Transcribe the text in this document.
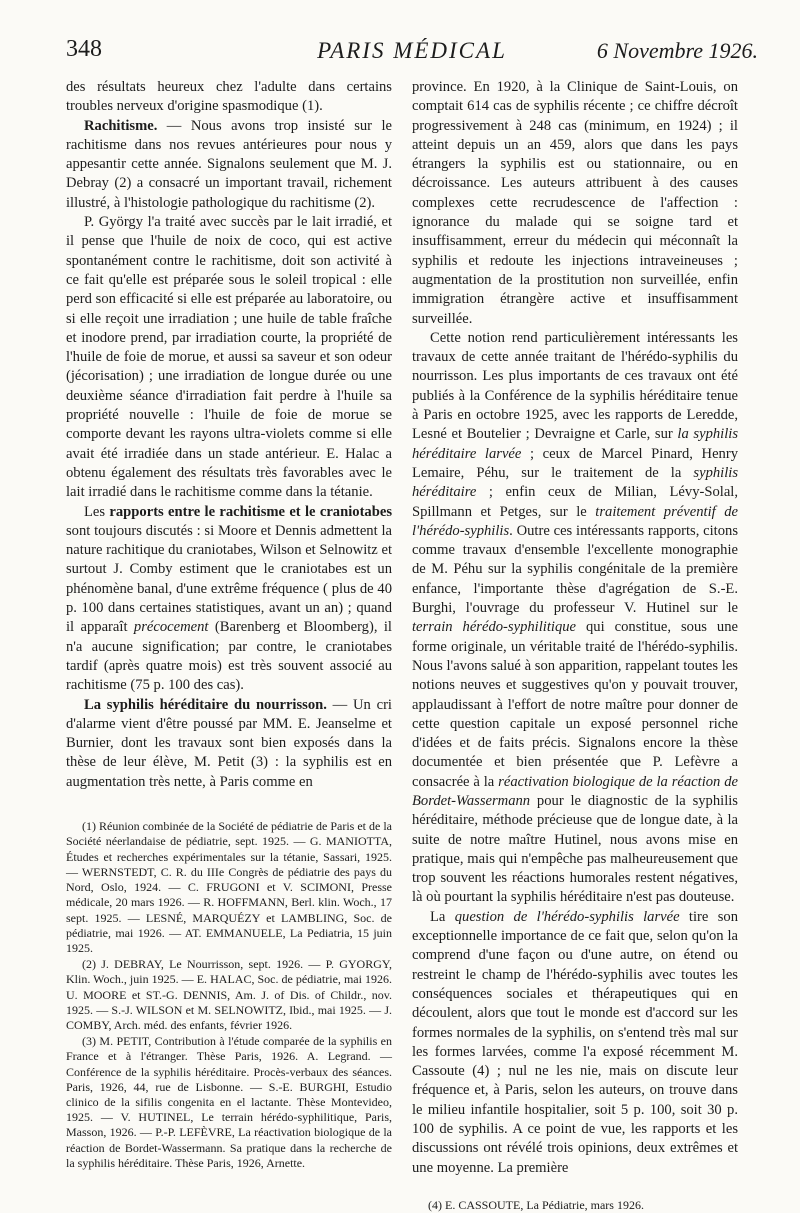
348	PARIS MÉDICAL	6 Novembre 1926.

des résultats heureux chez l'adulte dans certains troubles nerveux d'origine spasmodique (1).

Rachitisme. — Nous avons trop insisté sur le rachitisme dans nos revues antérieures pour nous y appesantir cette année. Signalons seulement que M. J. Debray (2) a consacré un important travail, richement illustré, à l'histologie pathologique du rachitisme (2).

P. Györgу l'a traité avec succès par le lait irradié, et il pense que l'huile de noix de coco, qui est active spontanément contre le rachitisme, doit son activité à ce fait qu'elle est préparée sous le soleil tropical : elle perd son efficacité si elle est préparée au laboratoire, ou si elle reçoit une irradiation ; une huile de table fraîche et inodore prend, par irradiation courte, la propriété de l'huile de foie de morue, et aussi sa saveur et son odeur (jécorisation) ; une irradiation de longue durée ou une deuxième séance d'irradiation fait perdre à l'huile sa propriété nouvelle : l'huile de foie de morue se comporte devant les rayons ultra-violets comme si elle avait été irradiée dans un stade antérieur. E. Halac a obtenu également des résultats très favorables avec le lait irradié dans le rachitisme comme dans la tétanie.

Les rapports entre le rachitisme et le craniotabes sont toujours discutés : si Moore et Dennis admettent la nature rachitique du craniotabes, Wilson et Selnowitz et surtout J. Comby estiment que le craniotabes est un phénomène banal, d'une extrême fréquence ( plus de 40 p. 100 dans certaines statistiques, avant un an) ; quand il apparaît précocement (Barenberg et Bloomberg), il n'a aucune signification; par contre, le craniotabes tardif (après quatre mois) est très souvent associé au rachitisme (75 p. 100 des cas).

La syphilis héréditaire du nourrisson. — Un cri d'alarme vient d'être poussé par MM. E. Jeanselme et Burnier, dont les travaux sont bien exposés dans la thèse de leur élève, M. Petit (3) : la syphilis est en augmentation très nette, à Paris comme en

(1) Réunion combinée de la Société de pédiatrie de Paris et de la Société néerlandaise de pédiatrie, sept. 1925. — G. MANIOTTA, Études et recherches expérimentales sur la tétanie, Sassari, 1925. — WERNSTEDT, C. R. du IIIe Congrès de pédiatrie des pays du Nord, Oslo, 1924. — C. FRUGONI et V. SCIMONI, Presse médicale, 20 mars 1926. — R. HOFFMANN, Berl. klin. Woch., 17 sept. 1925. — LESNÉ, MARQUÉZY et LAMBLING, Soc. de pédiatrie, mai 1926. — AT. EMMANUELE, La Pediatria, 15 juin 1925.

(2) J. DEBRAY, Le Nourrisson, sept. 1926. — P. GYORGY, Klin. Woch., juin 1925. — E. HALAC, Soc. de pédiatrie, mai 1926. U. MOORE et ST.-G. DENNIS, Am. J. of Dis. of Childr., nov. 1925. — S.-J. WILSON et M. SELNOWITZ, Ibid., mai 1925. — J. COMBY, Arch. méd. des enfants, février 1926.

(3) M. PETIT, Contribution à l'étude comparée de la syphilis en France et à l'étranger. Thèse Paris, 1926. A. Legrand. — Conférence de la syphilis héréditaire. Procès-verbaux des séances. Paris, 1926, 44, rue de Lisbonne. — S.-E. BURGHI, Estudio clinico de la sifilis congenita en el lactante. Thèse Montevideo, 1925. — V. HUTINEL, Le terrain hérédo-syphilitique, Paris, Masson, 1926. — P.-P. LEFÈVRE, La réactivation biologique de la réaction de Bordet-Wassermann. Sa pratique dans la recherche de la syphilis héréditaire. Thèse Paris, 1926, Arnette.

province. En 1920, à la Clinique de Saint-Louis, on comptait 614 cas de syphilis récente ; ce chiffre décroît progressivement à 248 cas (minimum, en 1924) ; il atteint depuis un an 459, alors que dans les pays étrangers la syphilis est ou stationnaire, ou en décroissance. Les auteurs attribuent à des causes complexes cette recrudescence de l'affection : ignorance du malade qui se soigne tard et insuffisamment, erreur du médecin qui méconnaît la syphilis et redoute les injections intraveineuses ; augmentation de la prostitution non surveillée, enfin immigration étrangère active et insuffisamment surveillée.

Cette notion rend particulièrement intéressants les travaux de cette année traitant de l'hérédo-syphilis du nourrisson. Les plus importants de ces travaux ont été publiés à la Conférence de la syphilis héréditaire tenue à Paris en octobre 1925, avec les rapports de Leredde, Lesné et Boutelier ; Devraigne et Carle, sur la syphilis héréditaire larvée ; ceux de Marcel Pinard, Henry Lemaire, Péhu, sur le traitement de la syphilis héréditaire ; enfin ceux de Milian, Lévy-Solal, Spillmann et Petges, sur le traitement préventif de l'hérédo-syphilis. Outre ces intéressants rapports, citons comme travaux d'ensemble l'excellente monographie de M. Péhu sur la syphilis congénitale de la première enfance, l'importante thèse d'agrégation de S.-E. Burghi, l'ouvrage du professeur V. Hutinel sur le terrain hérédo-syphilitique qui constitue, sous une forme originale, un véritable traité de l'hérédo-syphilis. Nous l'avons salué à son apparition, rappelant toutes les notions neuves et suggestives qu'on y pouvait trouver, applaudissant à l'effort de notre maître pour donner de cette question capitale un exposé personnel riche d'idées et de faits précis. Signalons encore la thèse documentée et bien présentée que P. Lefèvre a consacrée à la réactivation biologique de la réaction de Bordet-Wassermann pour le diagnostic de la syphilis héréditaire, méthode précieuse que de longue date, à la suite de notre maître Hutinel, nous avons mise en pratique, mais qui n'empêche pas malheureusement que trop souvent les réactions humorales restent négatives, là où pourtant la syphilis héréditaire n'est pas douteuse.

La question de l'hérédo-syphilis larvée tire son exceptionnelle importance de ce fait que, selon qu'on la comprend d'une façon ou d'une autre, on étend ou restreint le champ de l'hérédo-syphilis avec toutes les conséquences sociales et thérapeutiques qui en découlent, alors que tout le monde est d'accord sur les formes normales de la syphilis, on s'entend très mal sur les formes larvées, comme l'a exposé récemment M. Cassoute (4) ; nul ne les nie, mais on discute leur fréquence et, à Paris, selon les auteurs, on trouve dans le milieu infantile hospitalier, soit 5 p. 100, soit 30 p. 100 de syphilis. A ce point de vue, les rapports et les discussions ont révélé trois opinions, deux extrêmes et une moyenne. La première

(4) E. CASSOUTE, La Pédiatrie, mars 1926.
